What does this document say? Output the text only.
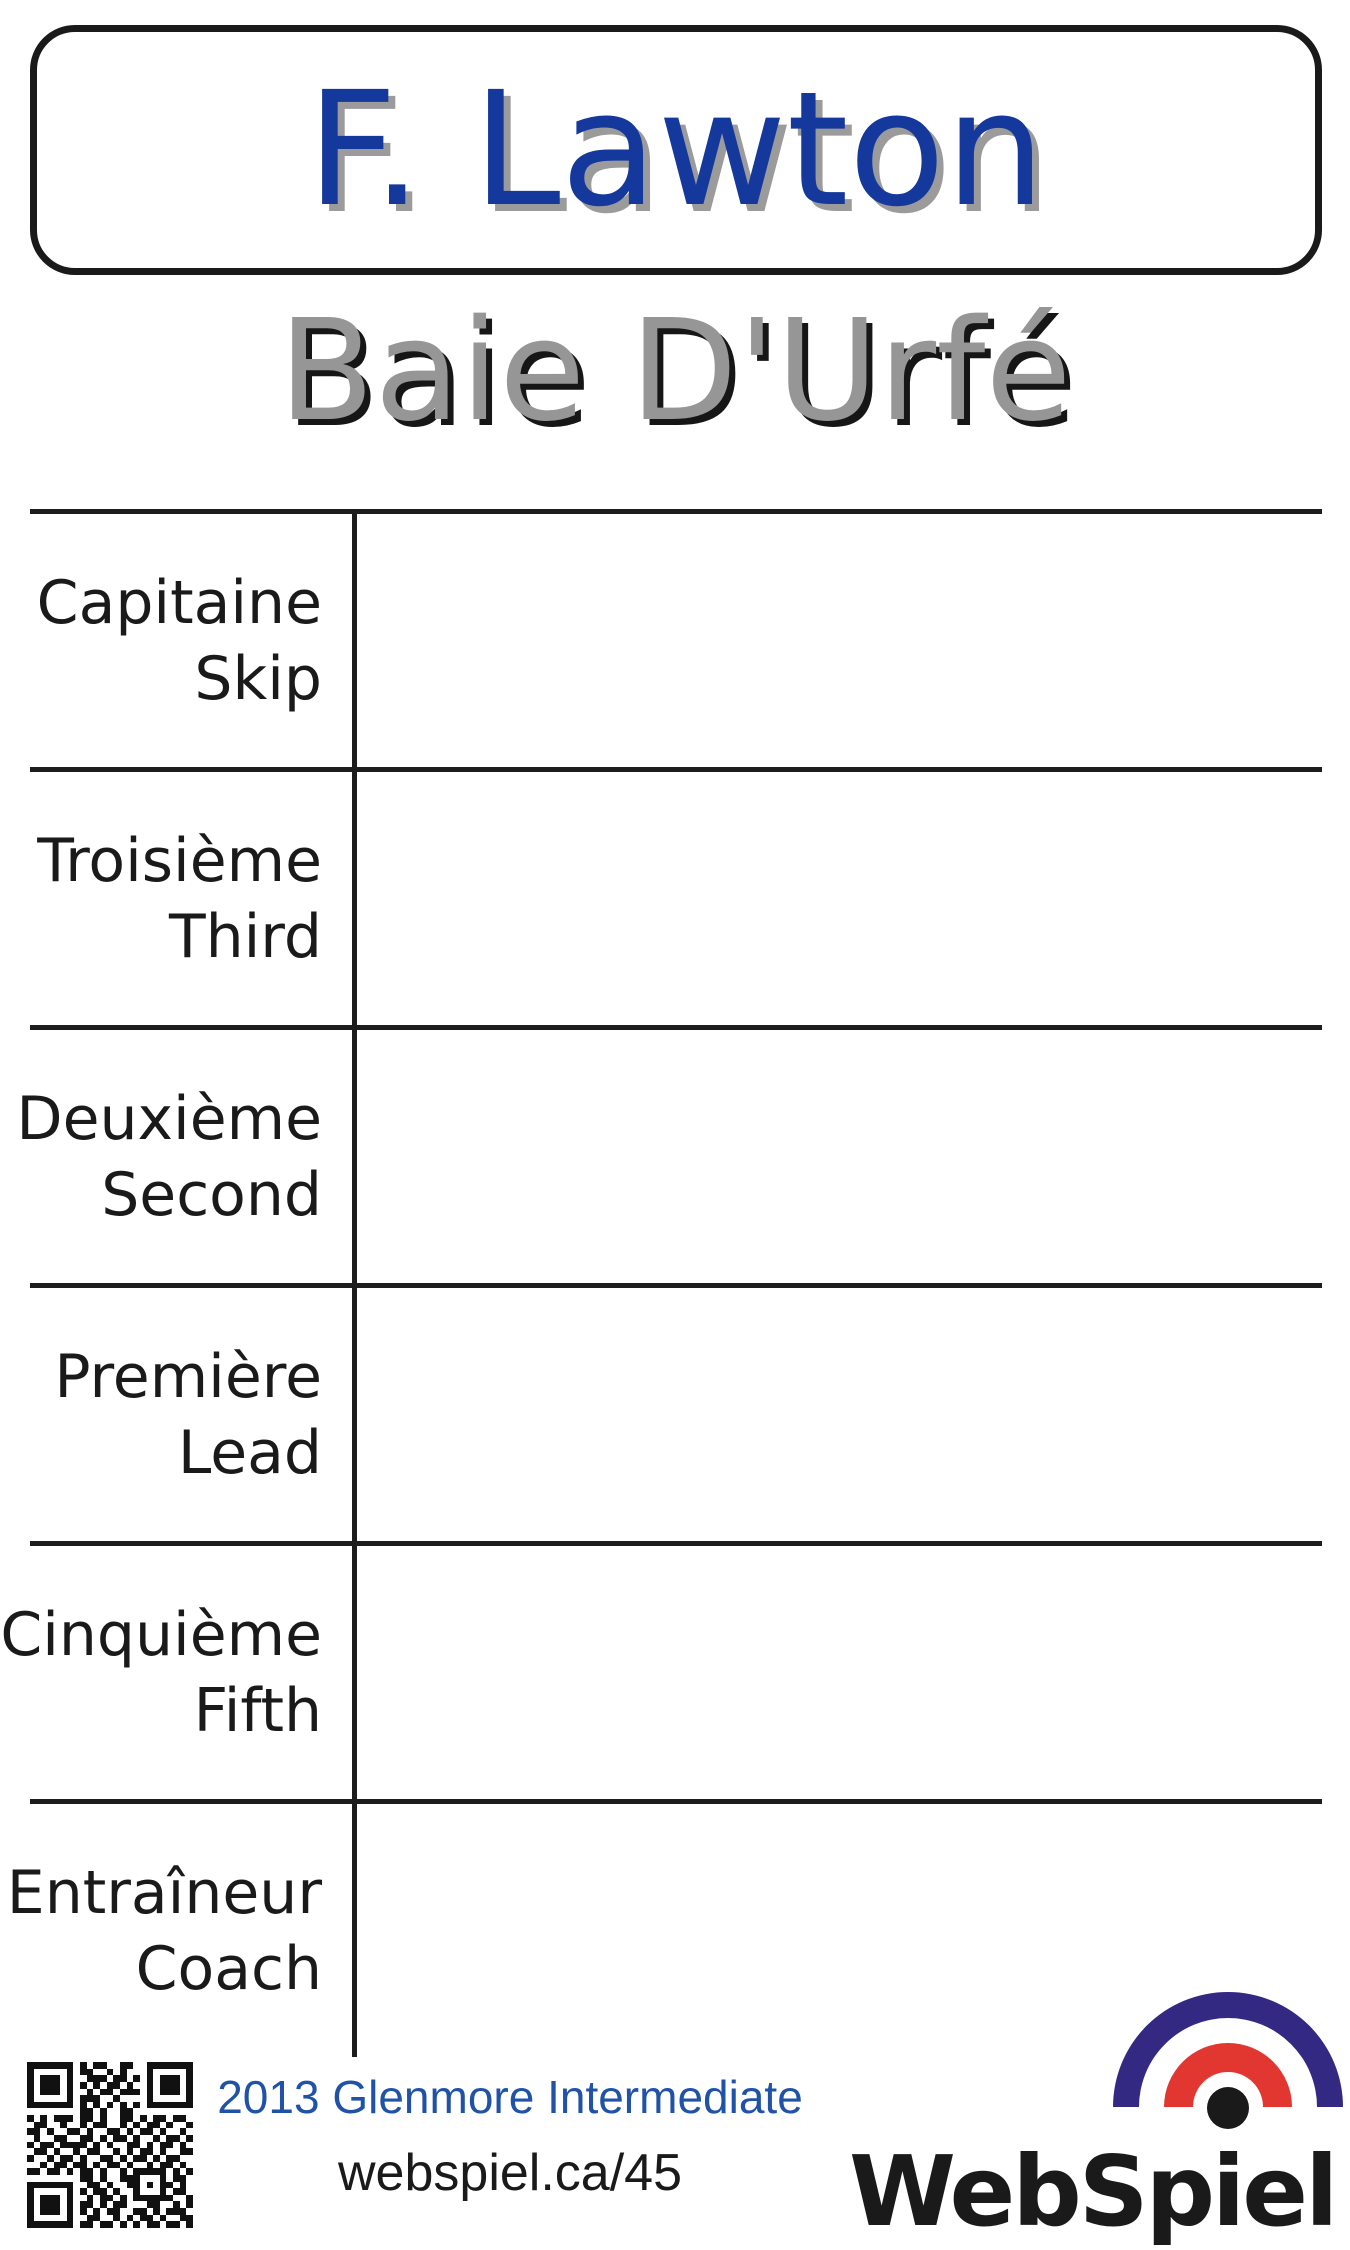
F. Lawton
Baie D'Urfé
Capitaine
Skip
Troisième
Third
Deuxième
Second
Première
Lead
Cinquième
Fifth
Entraîneur
Coach
2013 Glenmore Intermediate
webspiel.ca/45	WebSpiel
